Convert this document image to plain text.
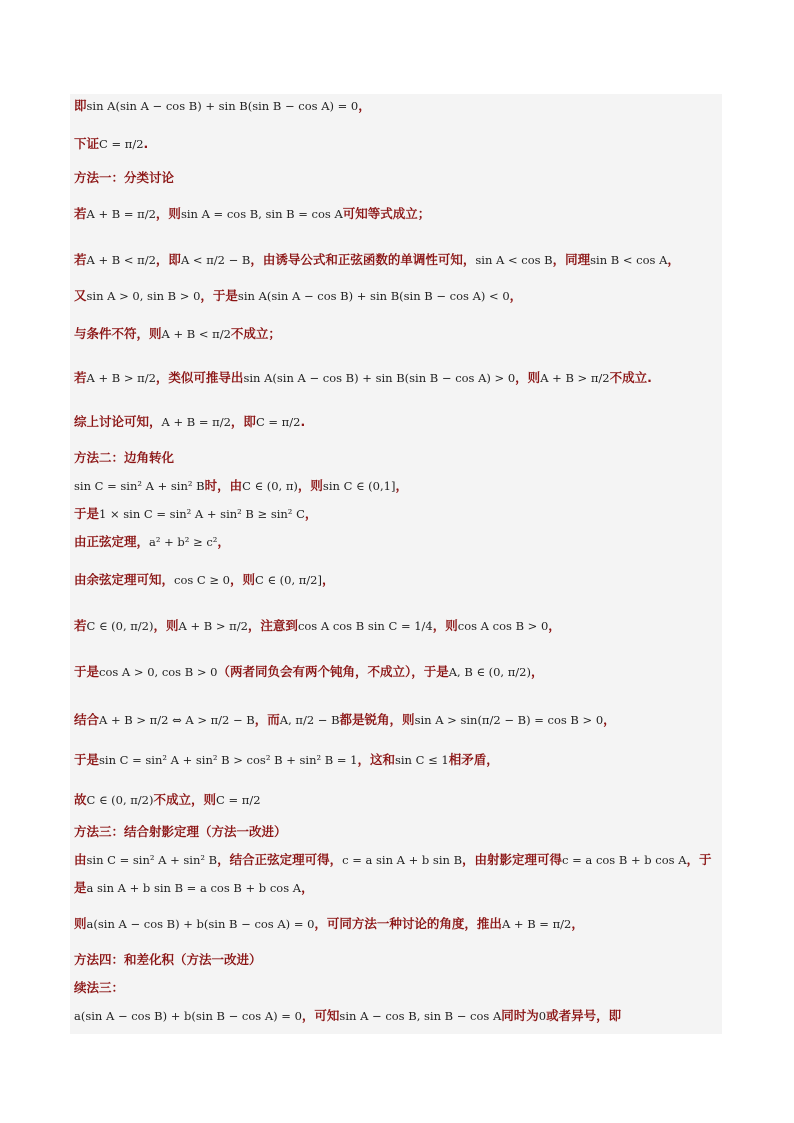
即 sin A(sin A − cos B) + sin B(sin B − cos A) = 0 ，
下证 C = π/2 .
方法一：分类讨论
若 A + B = π/2 ，则 sin A = cos B, sin B = cos A 可知等式成立；
若 A + B < π/2 ，即 A < π/2 − B ，由诱导公式和正弦函数的单调性可知， sin A < cos B ，同理 sin B < cos A ，
又 sin A > 0, sin B > 0 ，于是 sin A(sin A − cos B) + sin B(sin B − cos A) < 0 ，
与条件不符，则 A + B < π/2 不成立；
若 A + B > π/2 ，类似可推导出 sin A(sin A − cos B) + sin B(sin B − cos A) > 0 ，则 A + B > π/2 不成立.
综上讨论可知， A + B = π/2 ，即 C = π/2 .
方法二：边角转化
sin C = sin² A + sin² B 时，由 C ∈ (0, π) ，则 sin C ∈ (0,1] ，
于是 1 × sin C = sin² A + sin² B ≥ sin² C ，
由正弦定理， a² + b² ≥ c² ，
由余弦定理可知， cos C ≥ 0 ，则 C ∈ (0, π/2] ，
若 C ∈ (0, π/2) ，则 A + B > π/2 ，注意到 cos A cos B sin C = 1/4 ，则 cos A cos B > 0 ，
于是 cos A > 0, cos B > 0 （两者同负会有两个钝角，不成立），于是 A, B ∈ (0, π/2) ，
结合 A + B > π/2 ⇔ A > π/2 − B ，而 A, π/2 − B 都是锐角，则 sin A > sin(π/2 − B) = cos B > 0 ，
于是 sin C = sin² A + sin² B > cos² B + sin² B = 1 ，这和 sin C ≤ 1 相矛盾，
故 C ∈ (0, π/2) 不成立，则 C = π/2
方法三：结合射影定理（方法一改进）
由 sin C = sin² A + sin² B ，结合正弦定理可得， c = a sin A + b sin B ，由射影定理可得 c = a cos B + b cos A ，于
是 a sin A + b sin B = a cos B + b cos A ，
则 a(sin A − cos B) + b(sin B − cos A) = 0 ，可同方法一种讨论的角度，推出 A + B = π/2 ，
方法四：和差化积（方法一改进）
续法三：
a(sin A − cos B) + b(sin B − cos A) = 0 ，可知 sin A − cos B, sin B − cos A 同时为 0 或者异号，即
